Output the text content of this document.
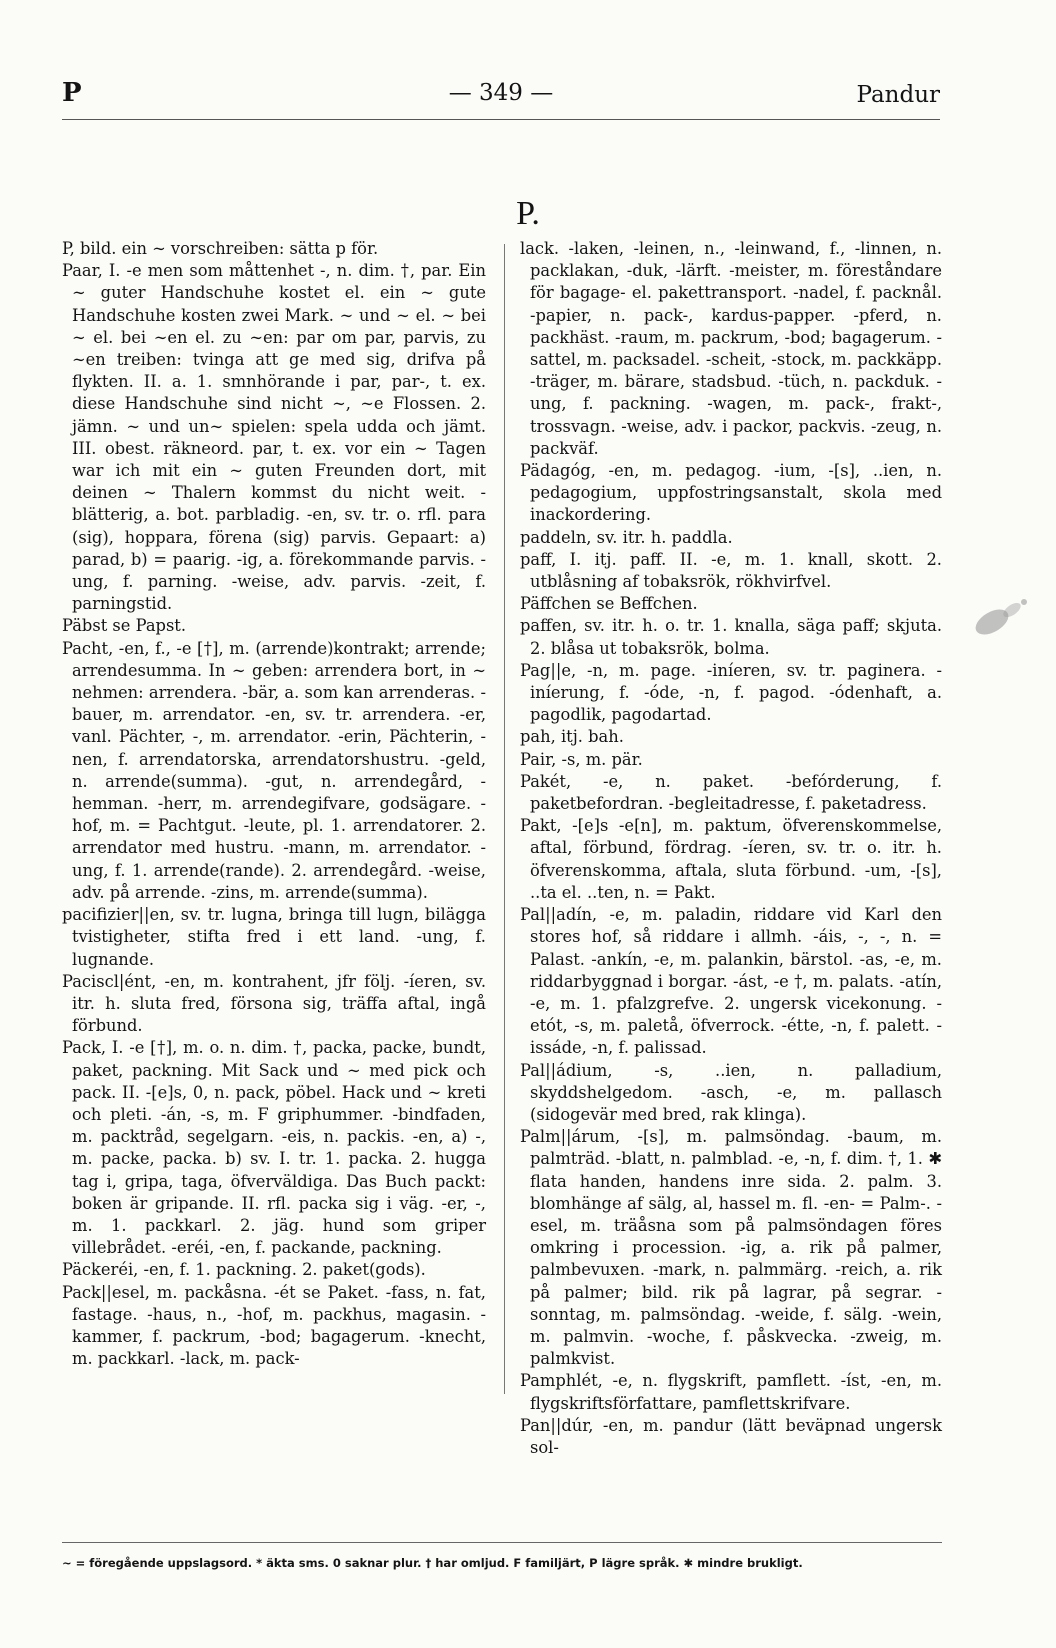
P	— 349 —	Pandur
P.

P, bild. ein ∼ vorschreiben: sätta p för.

Paar, I. -e men som måttenhet -, n. dim. †, par. Ein ∼ guter Handschuhe kostet el. ein ∼ gute Handschuhe kosten zwei Mark. ∼ und ∼ el. ∼ bei ∼ el. bei ∼en el. zu ∼en: par om par, parvis, zu ∼en treiben: tvinga att ge med sig, drifva på flykten. II. a. 1. smnhörande i par, par-, t. ex. diese Handschuhe sind nicht ∼, ∼e Flossen. 2. jämn. ∼ und un∼ spielen: spela udda och jämt. III. obest. räkneord. par, t. ex. vor ein ∼ Tagen war ich mit ein ∼ guten Freunden dort, mit deinen ∼ Thalern kommst du nicht weit. -blätterig, a. bot. parbladig. -en, sv. tr. o. rfl. para (sig), hoppara, förena (sig) parvis. Gepaart: a) parad, b) = paarig. -ig, a. förekommande parvis. -ung, f. parning. -weise, adv. parvis. -zeit, f. parningstid.

Päbst se Papst.

Pacht, -en, f., -e [†], m. (arrende)kontrakt; arrende; arrendesumma. In ∼ geben: arrendera bort, in ∼ nehmen: arrendera. -bär, a. som kan arrenderas. -bauer, m. arrendator. -en, sv. tr. arrendera. -er, vanl. Pächter, -, m. arrendator. -erin, Pächterin, -nen, f. arrendatorska, arrendatorshustru. -geld, n. arrende(summa). -gut, n. arrendegård, -hemman. -herr, m. arrendegifvare, godsägare. -hof, m. = Pachtgut. -leute, pl. 1. arrendatorer. 2. arrendator med hustru. -mann, m. arrendator. -ung, f. 1. arrende(rande). 2. arrendegård. -weise, adv. på arrende. -zins, m. arrende(summa).

pacifizier||en, sv. tr. lugna, bringa till lugn, bilägga tvistigheter, stifta fred i ett land. -ung, f. lugnande.

Paciscl|ént, -en, m. kontrahent, jfr följ. -íeren, sv. itr. h. sluta fred, försona sig, träffa aftal, ingå förbund.

Pack, I. -e [†], m. o. n. dim. †, packa, packe, bundt, paket, packning. Mit Sack und ∼ med pick och pack. II. -[e]s, 0, n. pack, pöbel. Hack und ∼ kreti och pleti. -án, -s, m. F griphummer. -bindfaden, m. packtråd, segelgarn. -eis, n. packis. -en, a) -, m. packe, packa. b) sv. I. tr. 1. packa. 2. hugga tag i, gripa, taga, öfverväldiga. Das Buch packt: boken är gripande. II. rfl. packa sig i väg. -er, -, m. 1. packkarl. 2. jäg. hund som griper villebrådet. -eréi, -en, f. packande, packning.

Päckeréi, -en, f. 1. packning. 2. paket(gods).

Pack||esel, m. packåsna. -ét se Paket. -fass, n. fat, fastage. -haus, n., -hof, m. packhus, magasin. -kammer, f. packrum, -bod; bagagerum. -knecht, m. packkarl. -lack, m. pack-

lack. -laken, -leinen, n., -leinwand, f., -linnen, n. packlakan, -duk, -lärft. -meister, m. föreståndare för bagage- el. pakettransport. -nadel, f. packnål. -papier, n. pack-, kardus-papper. -pferd, n. packhäst. -raum, m. packrum, -bod; bagagerum. -sattel, m. packsadel. -scheit, -stock, m. packkäpp. -träger, m. bärare, stadsbud. -tüch, n. packduk. -ung, f. packning. -wagen, m. pack-, frakt-, trossvagn. -weise, adv. i packor, packvis. -zeug, n. packväf.

Pädagóg, -en, m. pedagog. -ium, -[s], ..ien, n. pedagogium, uppfostringsanstalt, skola med inackordering.

paddeln, sv. itr. h. paddla.

paff, I. itj. paff. II. -e, m. 1. knall, skott. 2. utblåsning af tobaksrök, rökhvirfvel.

Päffchen se Beffchen.

paffen, sv. itr. h. o. tr. 1. knalla, säga paff; skjuta. 2. blåsa ut tobaksrök, bolma.

Pag||e, -n, m. page. -iníeren, sv. tr. paginera. -iníerung, f. -óde, -n, f. pagod. -ódenhaft, a. pagodlik, pagodartad.

pah, itj. bah.

Pair, -s, m. pär.

Pakét, -e, n. paket. -befórderung, f. paketbefordran. -begleitadresse, f. paketadress.

Pakt, -[e]s -e[n], m. paktum, öfverenskommelse, aftal, förbund, fördrag. -íeren, sv. tr. o. itr. h. öfverenskomma, aftala, sluta förbund. -um, -[s], ..ta el. ..ten, n. = Pakt.

Pal||adín, -e, m. paladin, riddare vid Karl den stores hof, så riddare i allmh. -áis, -, -, n. = Palast. -ankín, -e, m. palankin, bärstol. -as, -e, m. riddarbyggnad i borgar. -ást, -e †, m. palats. -atín, -e, m. 1. pfalzgrefve. 2. ungersk vicekonung. -etót, -s, m. paletå, öfverrock. -étte, -n, f. palett. -issáde, -n, f. palissad.

Pal||ádium, -s, ..ien, n. palladium, skyddshelgedom. -asch, -e, m. pallasch (sidogevär med bred, rak klinga).

Palm||árum, -[s], m. palmsöndag. -baum, m. palmträd. -blatt, n. palmblad. -e, -n, f. dim. †, 1. ✱ flata handen, handens inre sida. 2. palm. 3. blomhänge af sälg, al, hassel m. fl. -en- = Palm-. -esel, m. träåsna som på palmsöndagen föres omkring i procession. -ig, a. rik på palmer, palmbevuxen. -mark, n. palmmärg. -reich, a. rik på palmer; bild. rik på lagrar, på segrar. -sonntag, m. palmsöndag. -weide, f. sälg. -wein, m. palmvin. -woche, f. påskvecka. -zweig, m. palmkvist.

Pamphlét, -e, n. flygskrift, pamflett. -íst, -en, m. flygskriftsförfattare, pamflettskrifvare.

Pan||dúr, -en, m. pandur (lätt beväpnad ungersk sol-

∼ = föregående uppslagsord. * äkta sms. 0 saknar plur. † har omljud. F familjärt, P lägre språk. ✱ mindre brukligt.
